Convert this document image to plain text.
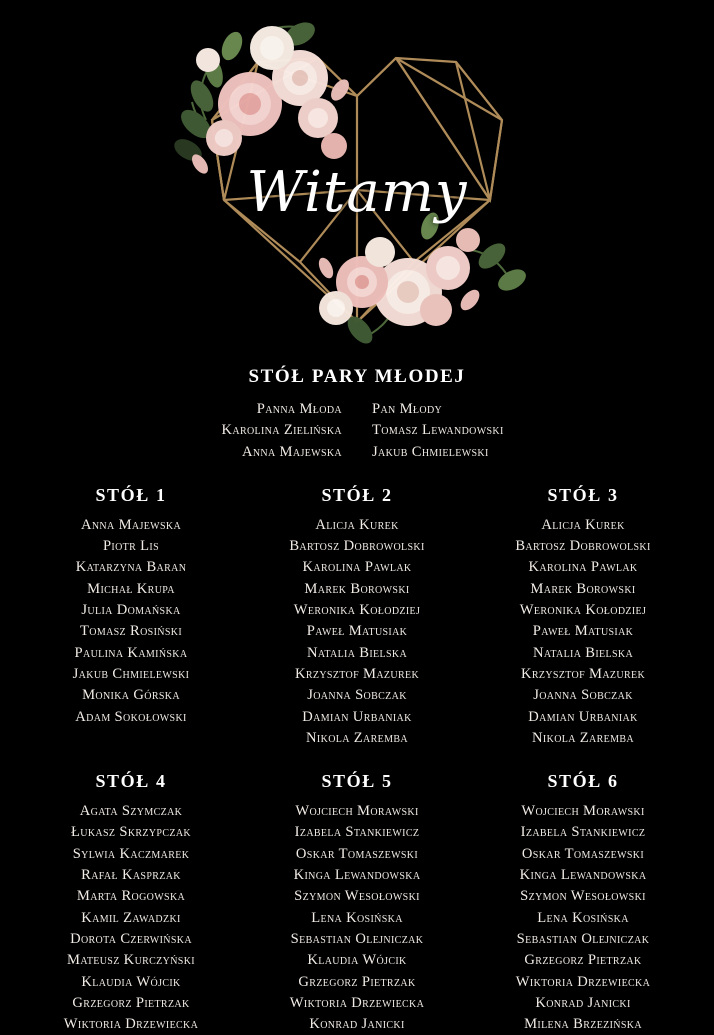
Witamy
STÓŁ PARY MŁODEJ
Panna Młoda
Karolina Zielińska
Anna Majewska
Pan Młody
Tomasz Lewandowski
Jakub Chmielewski
STÓŁ 1
Anna Majewska
Piotr Lis
Katarzyna Baran
Michał Krupa
Julia Domańska
Tomasz Rosiński
Paulina Kamińska
Jakub Chmielewski
Monika Górska
Adam Sokołowski
STÓŁ 2
Alicja Kurek
Bartosz Dobrowolski
Karolina Pawlak
Marek Borowski
Weronika Kołodziej
Paweł Matusiak
Natalia Bielska
Krzysztof Mazurek
Joanna Sobczak
Damian Urbaniak
Nikola Zaremba
STÓŁ 3
Alicja Kurek
Bartosz Dobrowolski
Karolina Pawlak
Marek Borowski
Weronika Kołodziej
Paweł Matusiak
Natalia Bielska
Krzysztof Mazurek
Joanna Sobczak
Damian Urbaniak
Nikola Zaremba
STÓŁ 4
Agata Szymczak
Łukasz Skrzypczak
Sylwia Kaczmarek
Rafał Kasprzak
Marta Rogowska
Kamil Zawadzki
Dorota Czerwińska
Mateusz Kurczyński
Klaudia Wójcik
Grzegorz Pietrzak
Wiktoria Drzewiecka
STÓŁ 5
Wojciech Morawski
Izabela Stankiewicz
Oskar Tomaszewski
Kinga Lewandowska
Szymon Wesołowski
Lena Kosińska
Sebastian Olejniczak
Klaudia Wójcik
Grzegorz Pietrzak
Wiktoria Drzewiecka
Konrad Janicki
STÓŁ 6
Wojciech Morawski
Izabela Stankiewicz
Oskar Tomaszewski
Kinga Lewandowska
Szymon Wesołowski
Lena Kosińska
Sebastian Olejniczak
Grzegorz Pietrzak
Wiktoria Drzewiecka
Konrad Janicki
Milena Brzezińska
